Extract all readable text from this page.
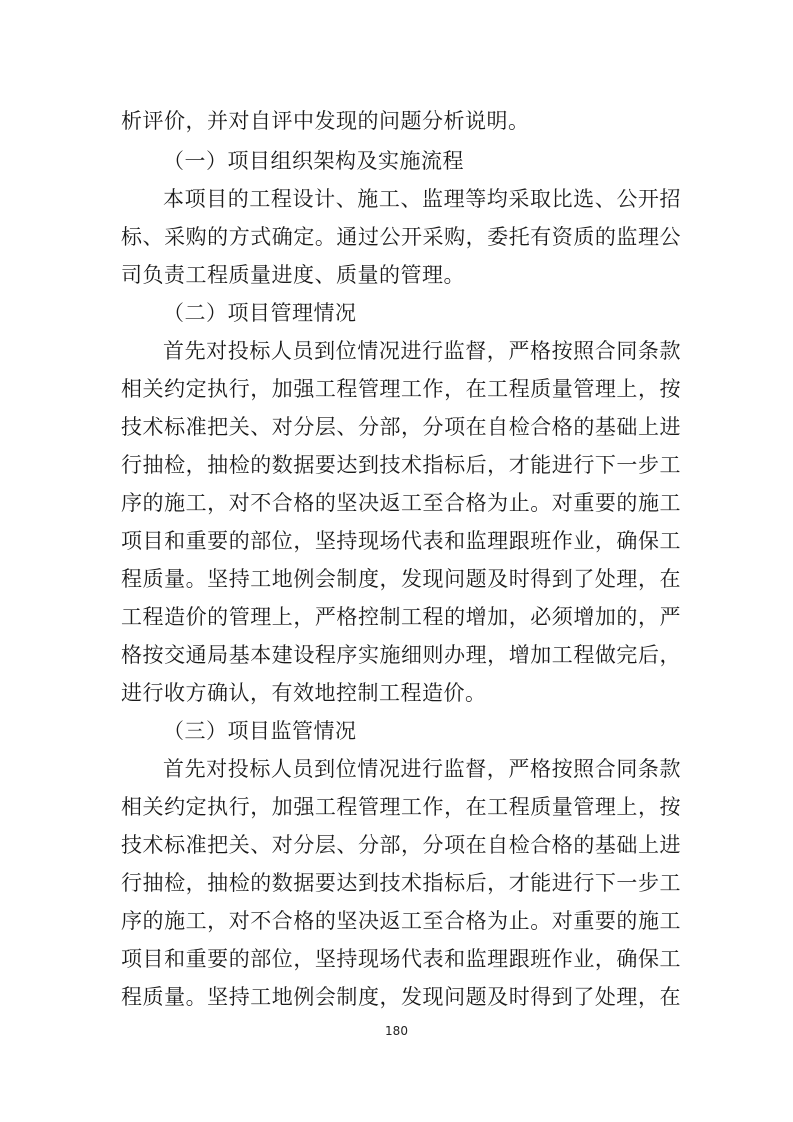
析评价，并对自评中发现的问题分析说明。
（一）项目组织架构及实施流程
本项目的工程设计、施工、监理等均采取比选、公开招
标、采购的方式确定。通过公开采购，委托有资质的监理公
司负责工程质量进度、质量的管理。
（二）项目管理情况
首先对投标人员到位情况进行监督，严格按照合同条款
相关约定执行，加强工程管理工作，在工程质量管理上，按
技术标准把关、对分层、分部，分项在自检合格的基础上进
行抽检，抽检的数据要达到技术指标后，才能进行下一步工
序的施工，对不合格的坚决返工至合格为止。对重要的施工
项目和重要的部位，坚持现场代表和监理跟班作业，确保工
程质量。坚持工地例会制度，发现问题及时得到了处理，在
工程造价的管理上，严格控制工程的增加，必须增加的，严
格按交通局基本建设程序实施细则办理，增加工程做完后，
进行收方确认，有效地控制工程造价。
（三）项目监管情况
首先对投标人员到位情况进行监督，严格按照合同条款
相关约定执行，加强工程管理工作，在工程质量管理上，按
技术标准把关、对分层、分部，分项在自检合格的基础上进
行抽检，抽检的数据要达到技术指标后，才能进行下一步工
序的施工，对不合格的坚决返工至合格为止。对重要的施工
项目和重要的部位，坚持现场代表和监理跟班作业，确保工
程质量。坚持工地例会制度，发现问题及时得到了处理，在
180
